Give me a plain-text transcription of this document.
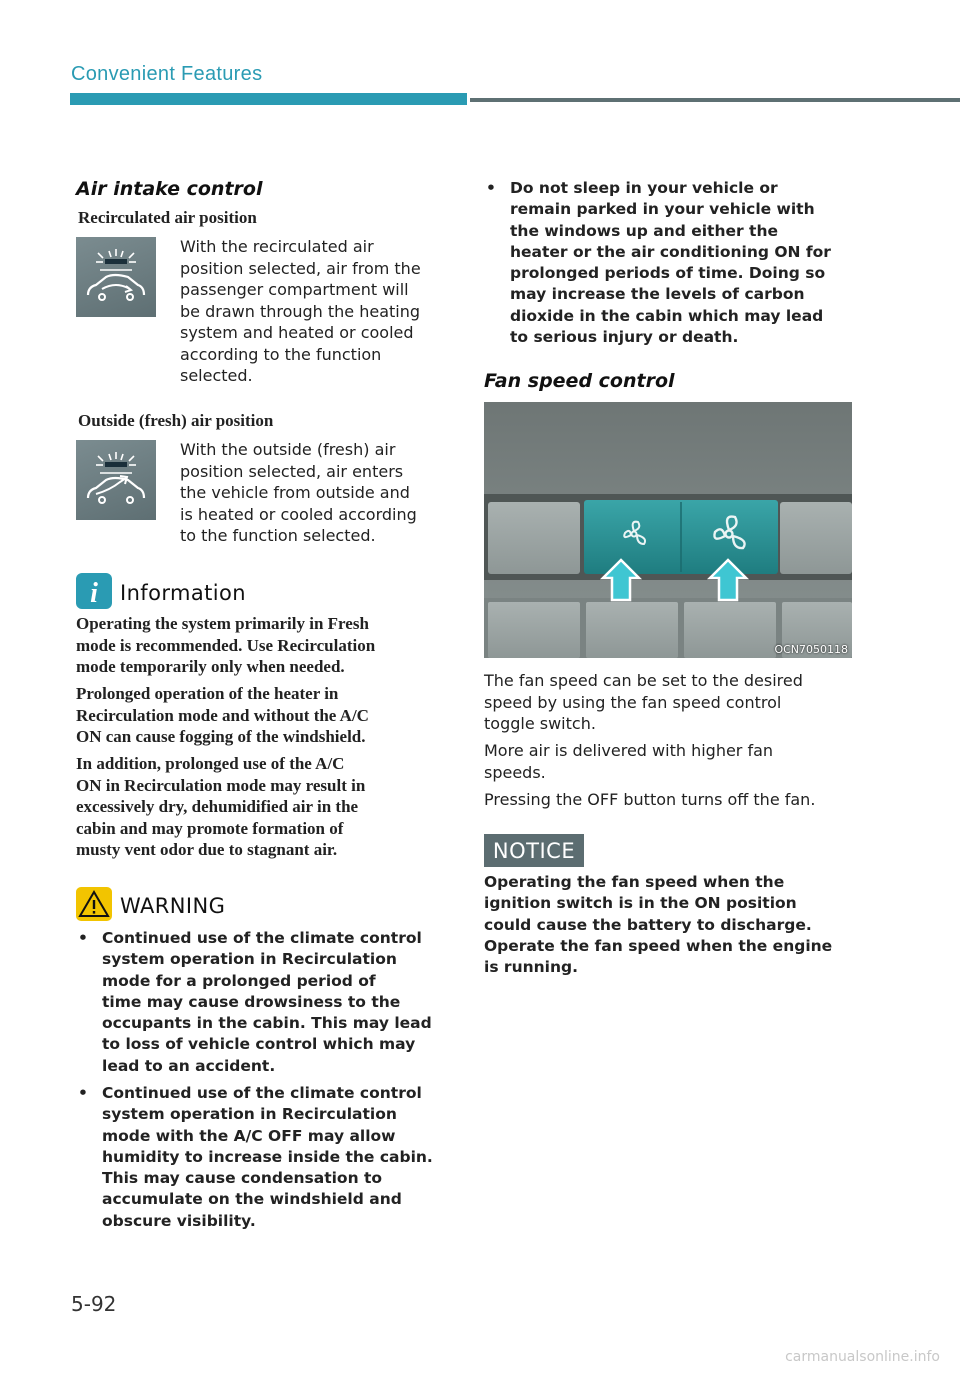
Convenient Features
Air intake control
Recirculated air position
With the recirculated air
position selected, air from the
passenger compartment will
be drawn through the heating
system and heated or cooled
according to the function
selected.
Outside (fresh) air position
With the outside (fresh) air
position selected, air enters
the vehicle from outside and
is heated or cooled according
to the function selected.
i Information
Operating the system primarily in Fresh
mode is recommended. Use Recirculation
mode temporarily only when needed.
Prolonged operation of the heater in
Recirculation mode and without the A/C
ON can cause fogging of the windshield.
In addition, prolonged use of the A/C
ON in Recirculation mode may result in
excessively dry, dehumidified air in the
cabin and may promote formation of
musty vent odor due to stagnant air.
WARNING
• Continued use of the climate control
system operation in Recirculation
mode for a prolonged period of
time may cause drowsiness to the
occupants in the cabin. This may lead
to loss of vehicle control which may
lead to an accident.
• Continued use of the climate control
system operation in Recirculation
mode with the A/C OFF may allow
humidity to increase inside the cabin.
This may cause condensation to
accumulate on the windshield and
obscure visibility.
• Do not sleep in your vehicle or
remain parked in your vehicle with
the windows up and either the
heater or the air conditioning ON for
prolonged periods of time. Doing so
may increase the levels of carbon
dioxide in the cabin which may lead
to serious injury or death.
Fan speed control
OCN7050118
The fan speed can be set to the desired
speed by using the fan speed control
toggle switch.
More air is delivered with higher fan
speeds.
Pressing the OFF button turns off the fan.
NOTICE
Operating the fan speed when the
ignition switch is in the ON position
could cause the battery to discharge.
Operate the fan speed when the engine
is running.
5-92
carmanualsonline.info
